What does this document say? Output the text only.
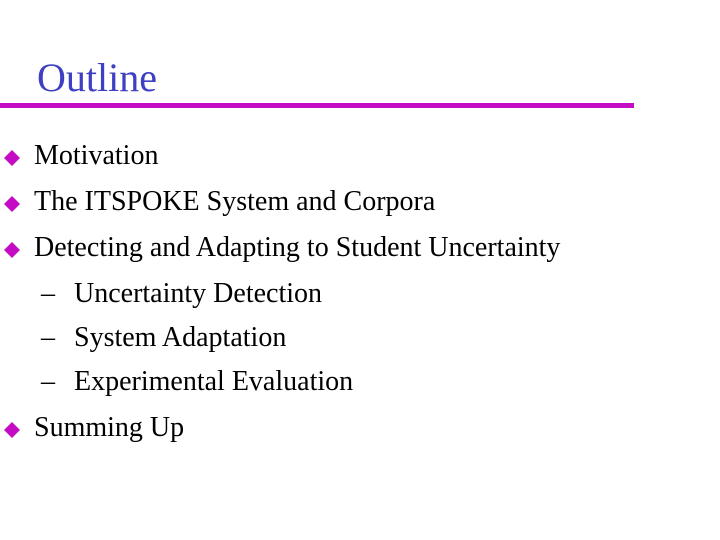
Outline
Motivation
The ITSPOKE System and Corpora
Detecting and Adapting to Student Uncertainty
– Uncertainty Detection
– System Adaptation
– Experimental Evaluation
Summing Up
